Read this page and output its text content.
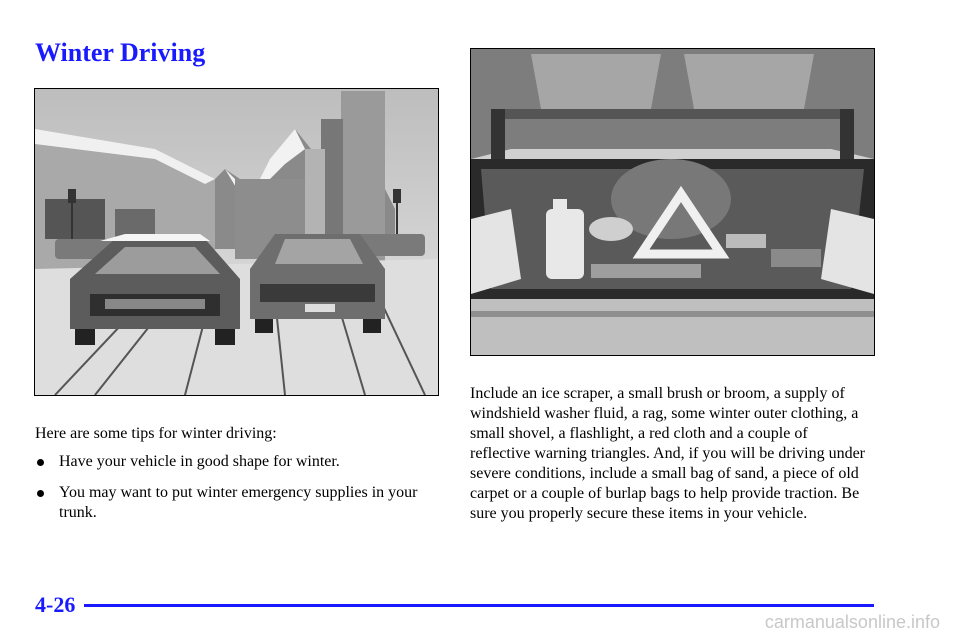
Winter Driving
Here are some tips for winter driving:
Have your vehicle in good shape for winter.
You may want to put winter emergency supplies in your trunk.
Include an ice scraper, a small brush or broom, a supply of windshield washer fluid, a rag, some winter outer clothing, a small shovel, a flashlight, a red cloth and a couple of reflective warning triangles. And, if you will be driving under severe conditions, include a small bag of sand, a piece of old carpet or a couple of burlap bags to help provide traction. Be sure you properly secure these items in your vehicle.
4-26
carmanualsonline.info
